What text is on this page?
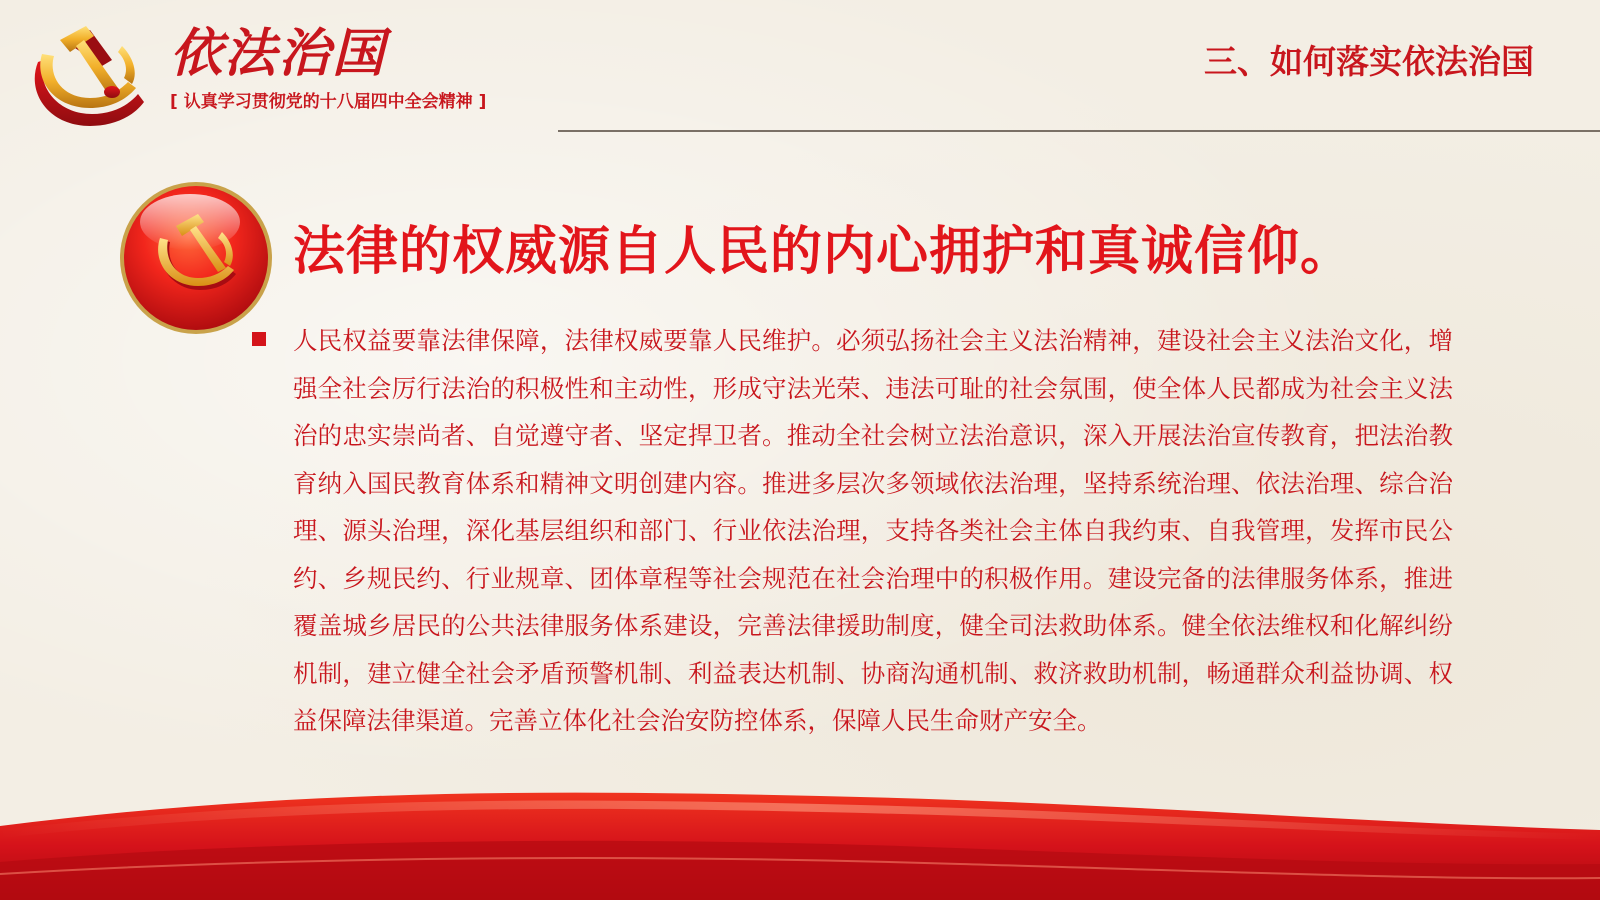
依法治国
[ 认真学习贯彻党的十八届四中全会精神 ]
三、如何落实依法治国
法律的权威源自人民的内心拥护和真诚信仰。

人民权益要靠法律保障，法律权威要靠人民维护。必须弘扬社会主义法治精神，建设社会主义法治文化，增强全社会厉行法治的积极性和主动性，形成守法光荣、违法可耻的社会氛围，使全体人民都成为社会主义法治的忠实崇尚者、自觉遵守者、坚定捍卫者。推动全社会树立法治意识，深入开展法治宣传教育，把法治教育纳入国民教育体系和精神文明创建内容。推进多层次多领域依法治理，坚持系统治理、依法治理、综合治理、源头治理，深化基层组织和部门、行业依法治理，支持各类社会主体自我约束、自我管理，发挥市民公约、乡规民约、行业规章、团体章程等社会规范在社会治理中的积极作用。建设完备的法律服务体系，推进覆盖城乡居民的公共法律服务体系建设，完善法律援助制度，健全司法救助体系。健全依法维权和化解纠纷机制，建立健全社会矛盾预警机制、利益表达机制、协商沟通机制、救济救助机制，畅通群众利益协调、权益保障法律渠道。完善立体化社会治安防控体系，保障人民生命财产安全。
